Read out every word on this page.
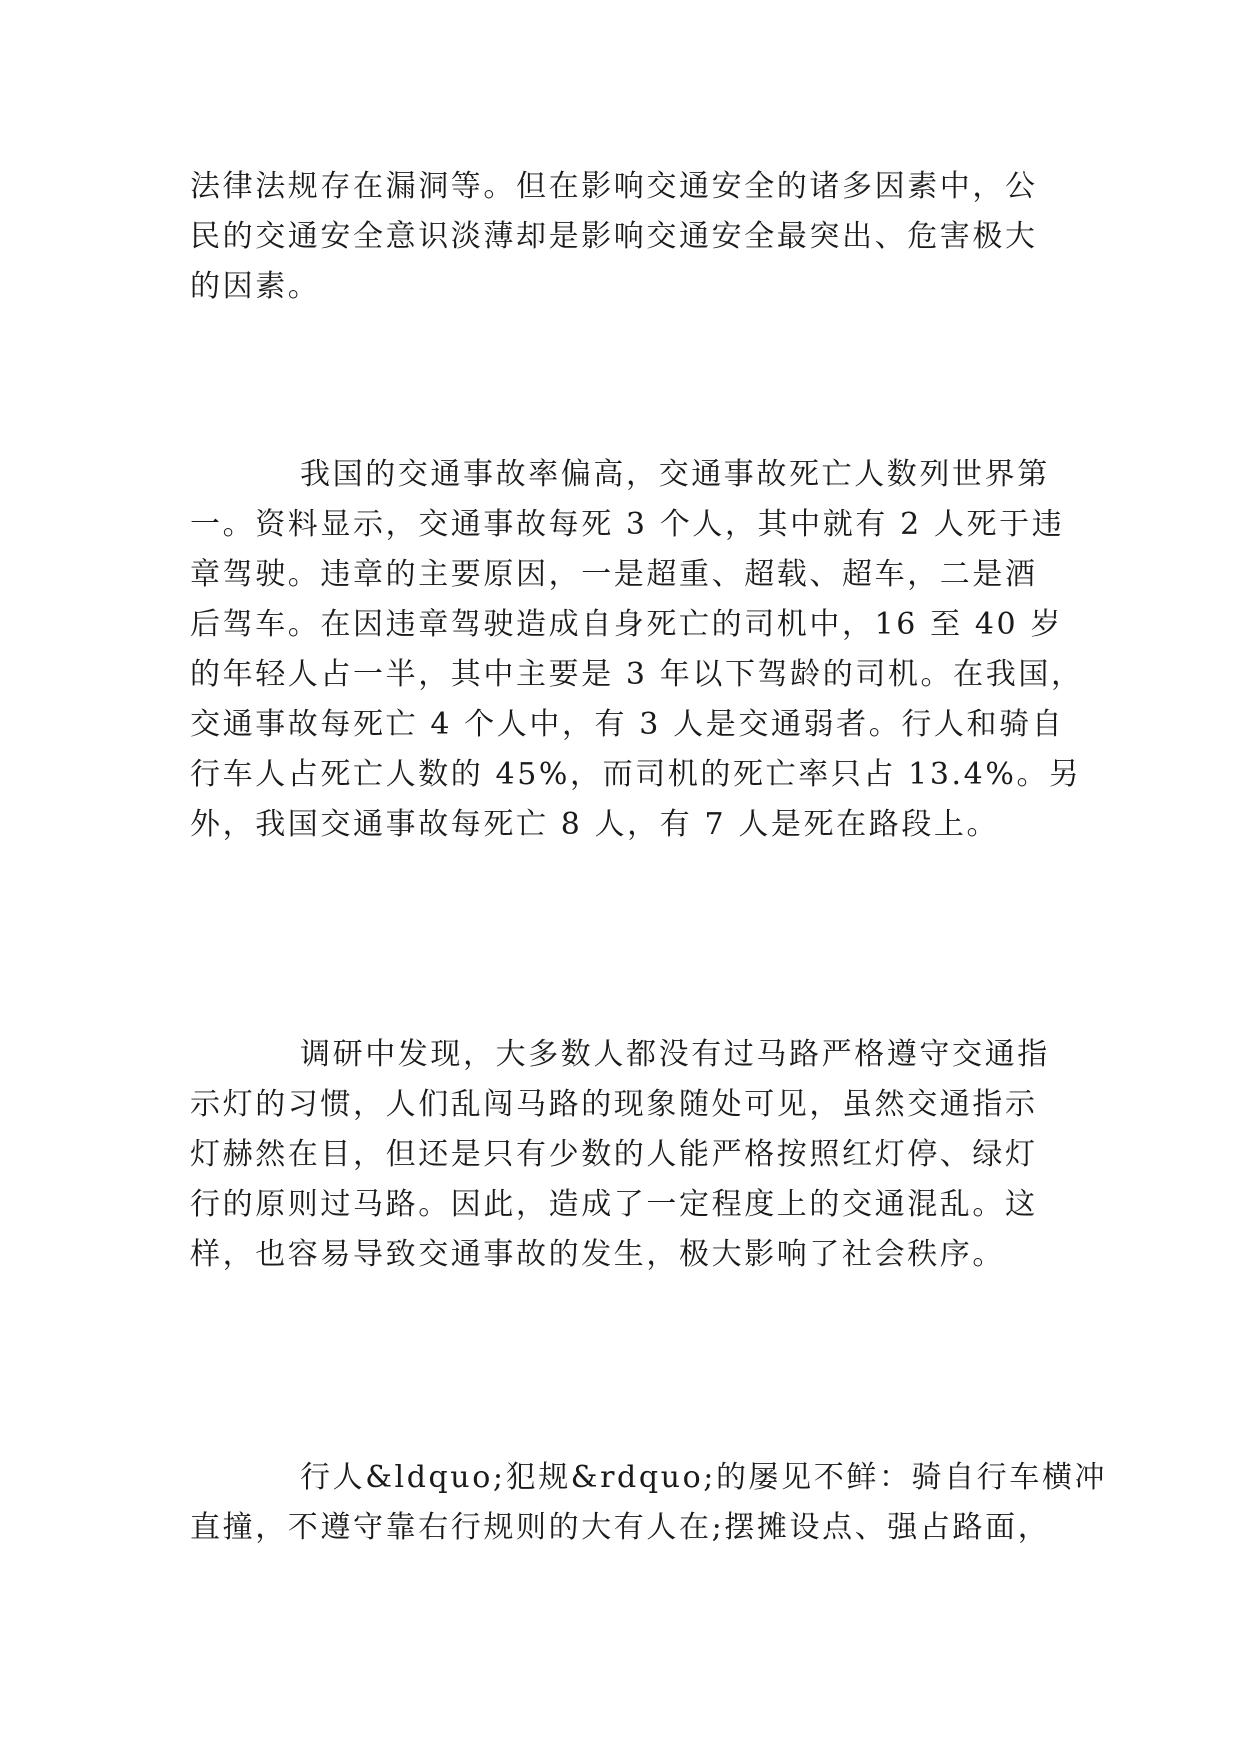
法律法规存在漏洞等。但在影响交通安全的诸多因素中，公
民的交通安全意识淡薄却是影响交通安全最突出、危害极大
的因素。

我国的交通事故率偏高，交通事故死亡人数列世界第
一。资料显示，交通事故每死 3 个人，其中就有 2 人死于违
章驾驶。违章的主要原因，一是超重、超载、超车，二是酒
后驾车。在因违章驾驶造成自身死亡的司机中，16 至 40 岁
的年轻人占一半，其中主要是 3 年以下驾龄的司机。在我国，
交通事故每死亡 4 个人中，有 3 人是交通弱者。行人和骑自
行车人占死亡人数的 45%，而司机的死亡率只占 13.4%。另
外，我国交通事故每死亡 8 人，有 7 人是死在路段上。

调研中发现，大多数人都没有过马路严格遵守交通指
示灯的习惯，人们乱闯马路的现象随处可见，虽然交通指示
灯赫然在目，但还是只有少数的人能严格按照红灯停、绿灯
行的原则过马路。因此，造成了一定程度上的交通混乱。这
样，也容易导致交通事故的发生，极大影响了社会秩序。

行人&ldquo;犯规&rdquo;的屡见不鲜：骑自行车横冲
直撞，不遵守靠右行规则的大有人在;摆摊设点、强占路面，
